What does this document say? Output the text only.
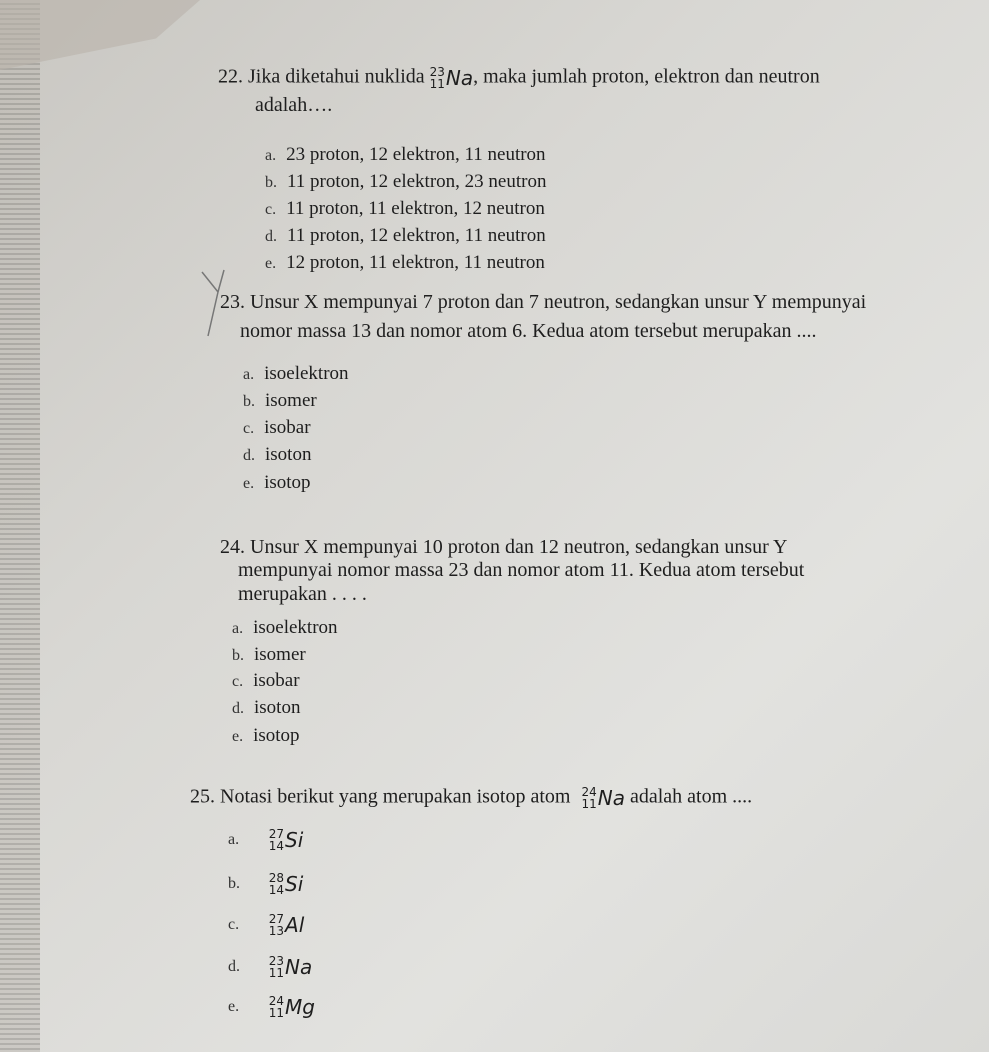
22. Jika diketahui nuklida 23
11 Na , maka jumlah proton, elektron dan neutron
adalah….
a. 23 proton, 12 elektron, 11 neutron
b. 11 proton, 12 elektron, 23 neutron
c. 11 proton, 11 elektron, 12 neutron
d. 11 proton, 12 elektron, 11 neutron
e. 12 proton, 11 elektron, 11 neutron
23. Unsur X mempunyai 7 proton dan 7 neutron, sedangkan unsur Y mempunyai
nomor massa 13 dan nomor atom 6. Kedua atom tersebut merupakan ....
a. isoelektron
b. isomer
c. isobar
d. isoton
e. isotop
24. Unsur X mempunyai 10 proton dan 12 neutron, sedangkan unsur Y
mempunyai nomor massa 23 dan nomor atom 11. Kedua atom tersebut
merupakan . . . .
a. isoelektron
b. isomer
c. isobar
d. isoton
e. isotop
25. Notasi berikut yang merupakan isotop atom 24
11 Na adalah atom ....
a. 27
14 Si
b. 28
14 Si
c. 27
13 Al
d. 23
11 Na
e. 24
11 Mg
